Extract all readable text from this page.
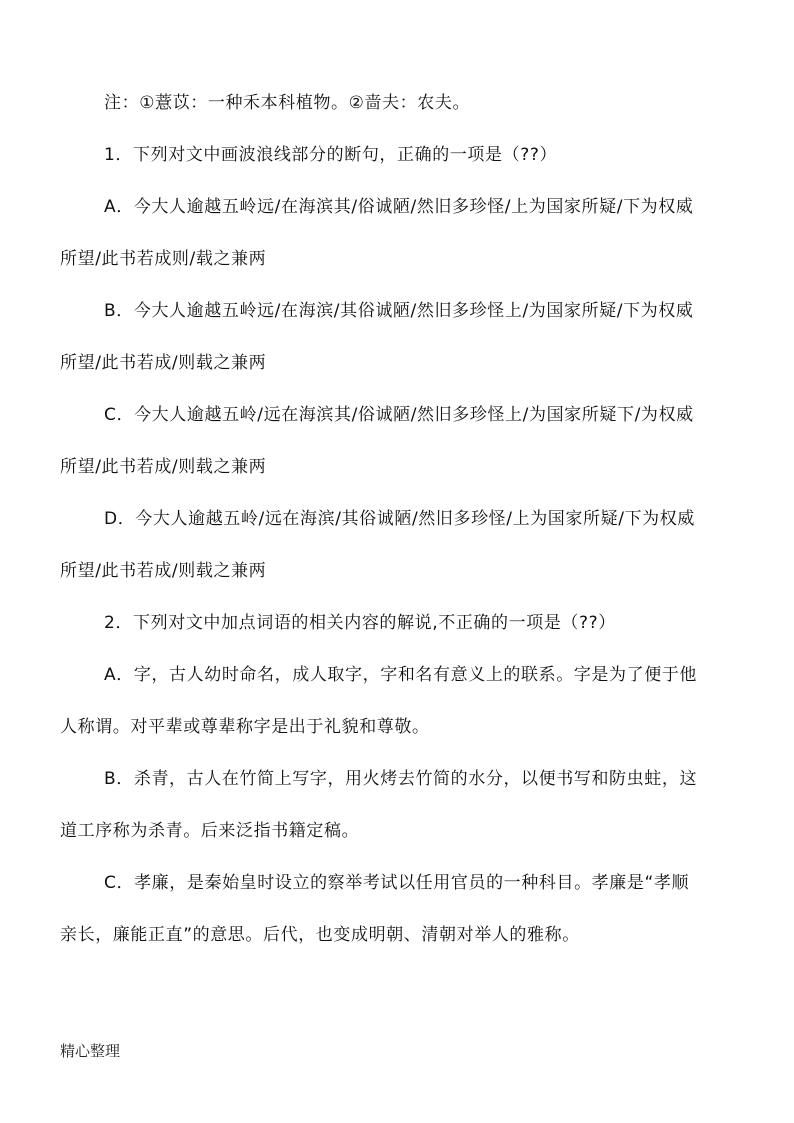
注：①薏苡：一种禾本科植物。②啬夫：农夫。
1．下列对文中画波浪线部分的断句，正确的一项是（??）
A．今大人逾越五岭远/在海滨其/俗诚陋/然旧多珍怪/上为国家所疑/下为权威
所望/此书若成则/载之兼两
B．今大人逾越五岭远/在海滨/其俗诚陋/然旧多珍怪上/为国家所疑/下为权威
所望/此书若成/则载之兼两
C．今大人逾越五岭/远在海滨其/俗诚陋/然旧多珍怪上/为国家所疑下/为权威
所望/此书若成/则载之兼两
D．今大人逾越五岭/远在海滨/其俗诚陋/然旧多珍怪/上为国家所疑/下为权威
所望/此书若成/则载之兼两
2．下列对文中加点词语的相关内容的解说,不正确的一项是（??）
A．字，古人幼时命名，成人取字，字和名有意义上的联系。字是为了便于他
人称谓。对平辈或尊辈称字是出于礼貌和尊敬。
B．杀青，古人在竹简上写字，用火烤去竹简的水分，以便书写和防虫蛀，这
道工序称为杀青。后来泛指书籍定稿。
C．孝廉，是秦始皇时设立的察举考试以任用官员的一种科目。孝廉是“孝顺
亲长，廉能正直”的意思。后代，也变成明朝、清朝对举人的雅称。
精心整理
